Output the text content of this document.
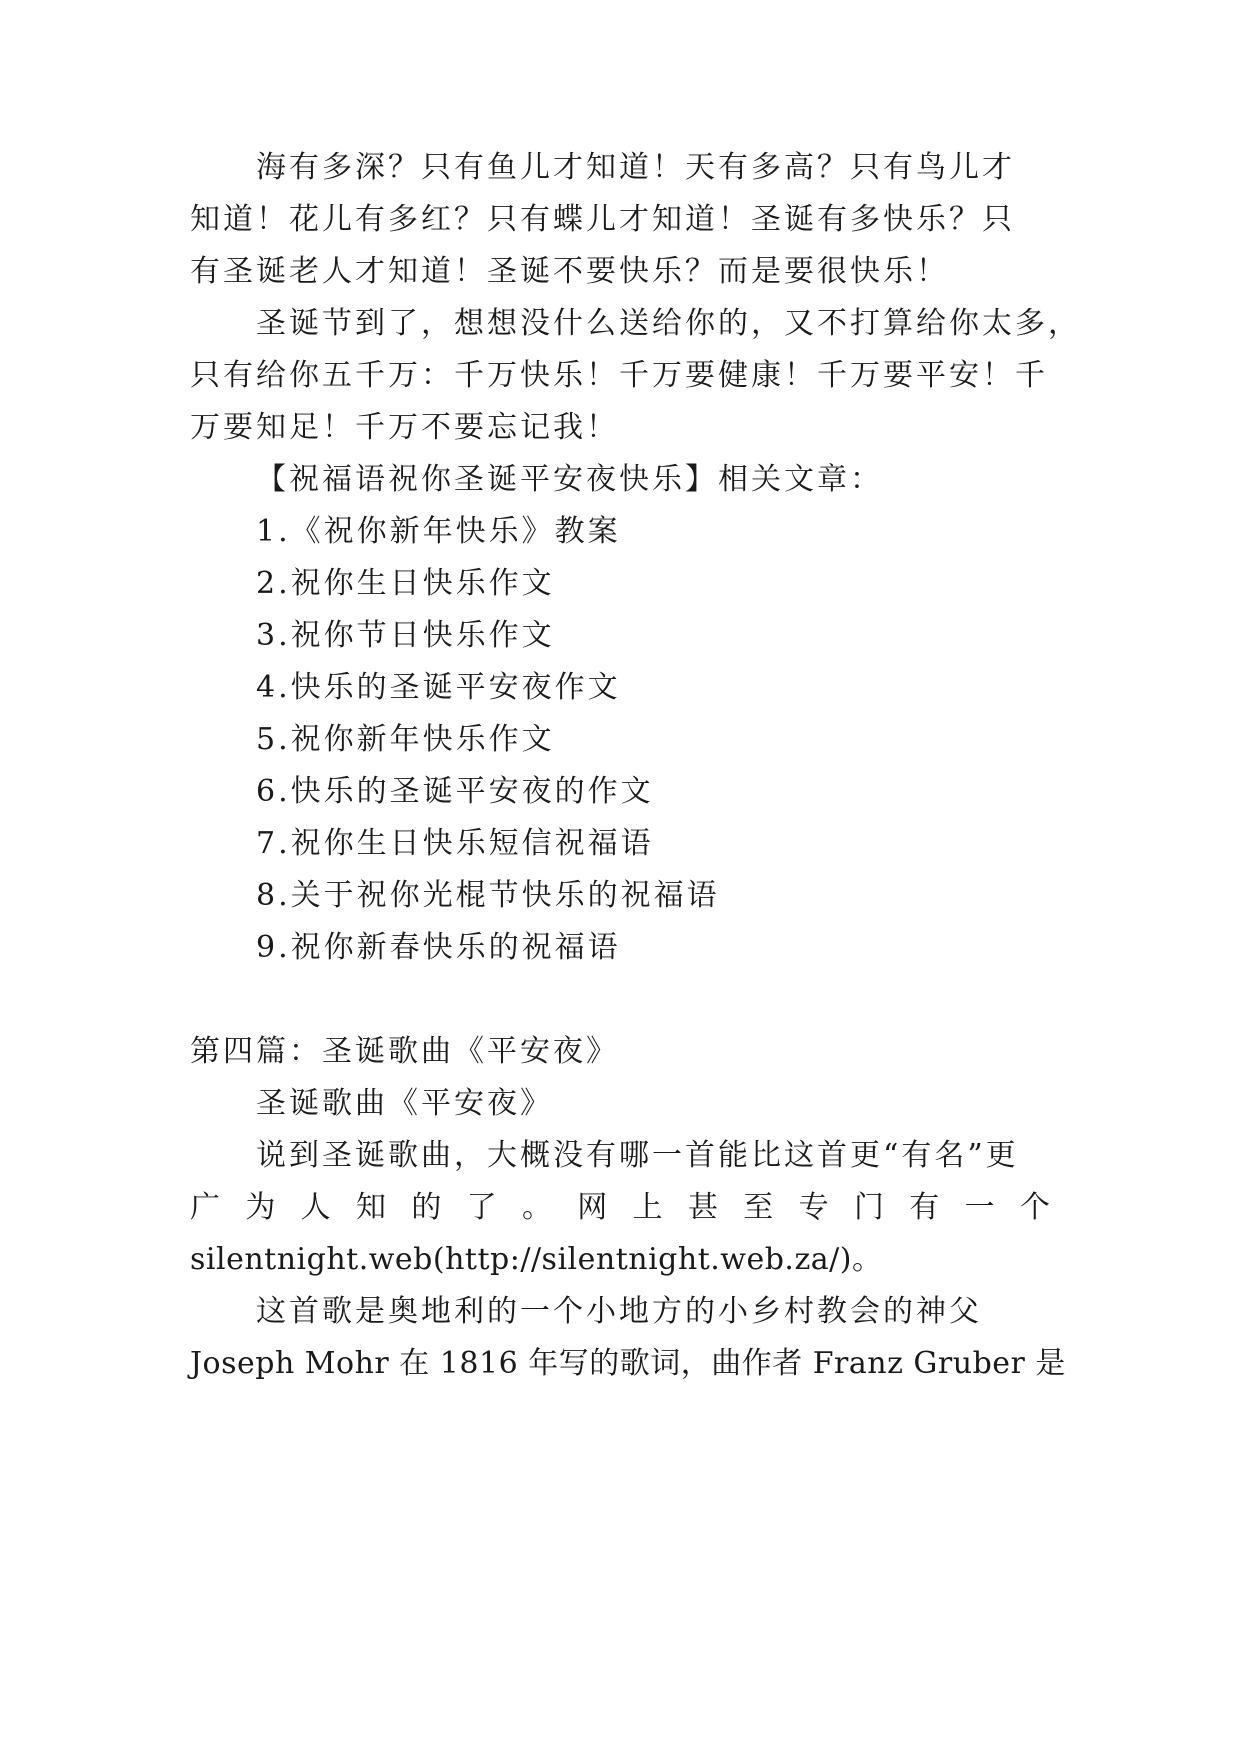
海有多深？只有鱼儿才知道！天有多高？只有鸟儿才
知道！花儿有多红？只有蝶儿才知道！圣诞有多快乐？只
有圣诞老人才知道！圣诞不要快乐？而是要很快乐！
圣诞节到了，想想没什么送给你的，又不打算给你太多，
只有给你五千万：千万快乐！千万要健康！千万要平安！千
万要知足！千万不要忘记我！
【祝福语祝你圣诞平安夜快乐】相关文章：
1.《祝你新年快乐》教案
2.祝你生日快乐作文
3.祝你节日快乐作文
4.快乐的圣诞平安夜作文
5.祝你新年快乐作文
6.快乐的圣诞平安夜的作文
7.祝你生日快乐短信祝福语
8.关于祝你光棍节快乐的祝福语
9.祝你新春快乐的祝福语
第四篇：圣诞歌曲《平安夜》
圣诞歌曲《平安夜》
说到圣诞歌曲，大概没有哪一首能比这首更“有名”更
广 为 人 知 的 了 。 网 上 甚 至 专 门 有 一 个
silentnight.web(http://silentnight.web.za/)。
这首歌是奥地利的一个小地方的小乡村教会的神父
Joseph Mohr 在 1816 年写的歌词，曲作者 Franz Gruber 是
